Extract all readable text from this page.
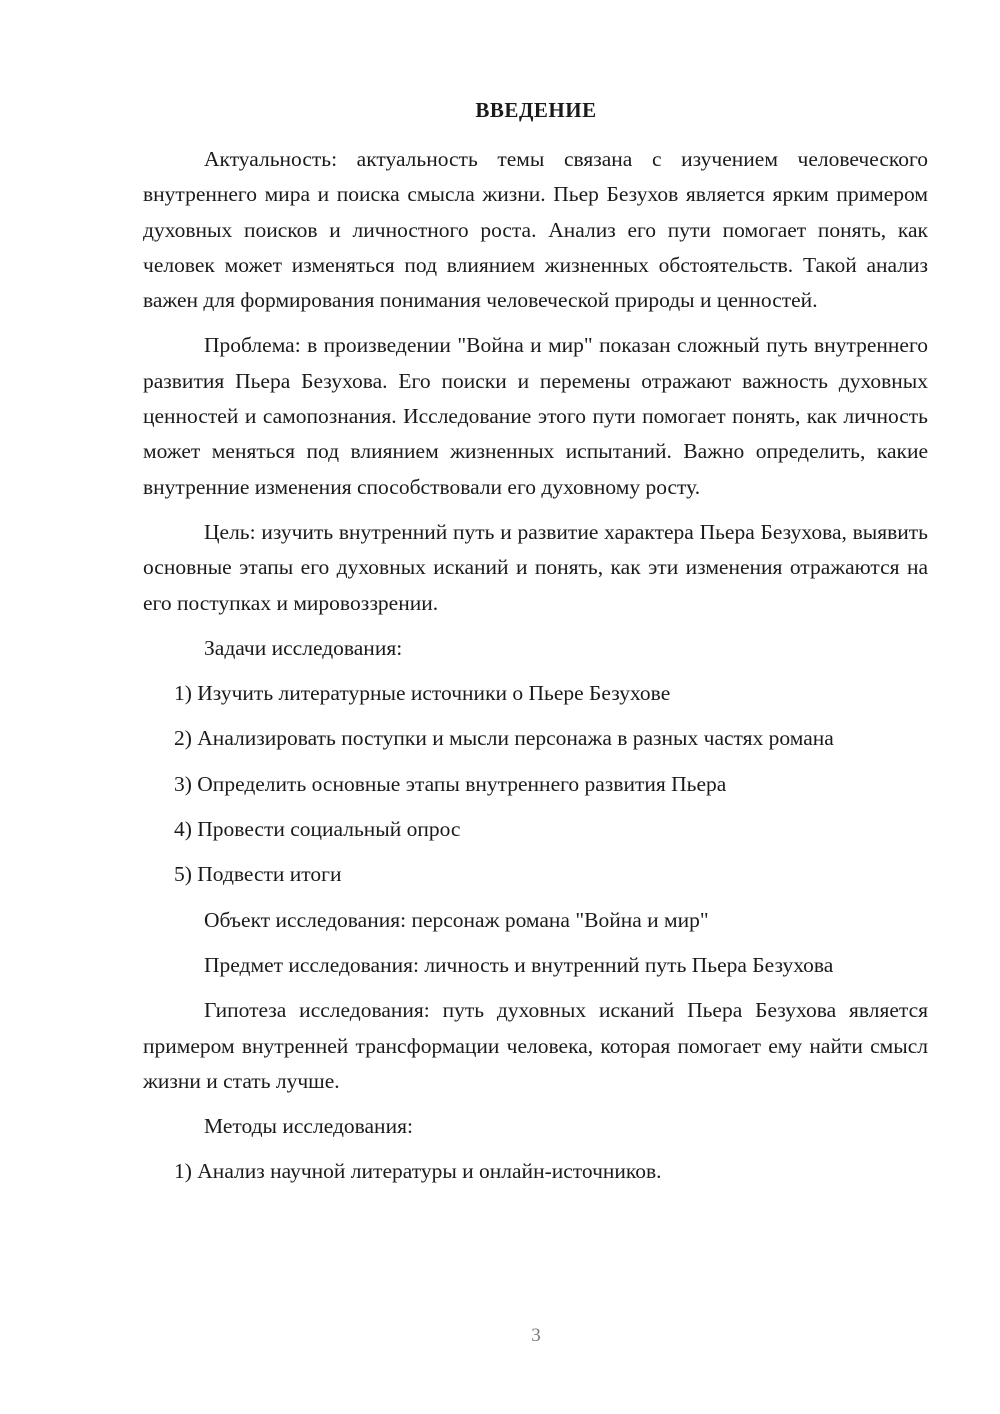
ВВЕДЕНИЕ

Актуальность: актуальность темы связана с изучением человеческого внутреннего мира и поиска смысла жизни. Пьер Безухов является ярким примером духовных поисков и личностного роста. Анализ его пути помогает понять, как человек может изменяться под влиянием жизненных обстоятельств. Такой анализ важен для формирования понимания человеческой природы и ценностей.

Проблема: в произведении "Война и мир" показан сложный путь внутреннего развития Пьера Безухова. Его поиски и перемены отражают важность духовных ценностей и самопознания. Исследование этого пути помогает понять, как личность может меняться под влиянием жизненных испытаний. Важно определить, какие внутренние изменения способствовали его духовному росту.

Цель: изучить внутренний путь и развитие характера Пьера Безухова, выявить основные этапы его духовных исканий и понять, как эти изменения отражаются на его поступках и мировоззрении.

Задачи исследования:

1) Изучить литературные источники о Пьере Безухове

2) Анализировать поступки и мысли персонажа в разных частях романа

3) Определить основные этапы внутреннего развития Пьера

4) Провести социальный опрос

5) Подвести итоги

Объект исследования: персонаж романа "Война и мир"

Предмет исследования: личность и внутренний путь Пьера Безухова

Гипотеза исследования: путь духовных исканий Пьера Безухова является примером внутренней трансформации человека, которая помогает ему найти смысл жизни и стать лучше.

Методы исследования:

1) Анализ научной литературы и онлайн-источников.

3
